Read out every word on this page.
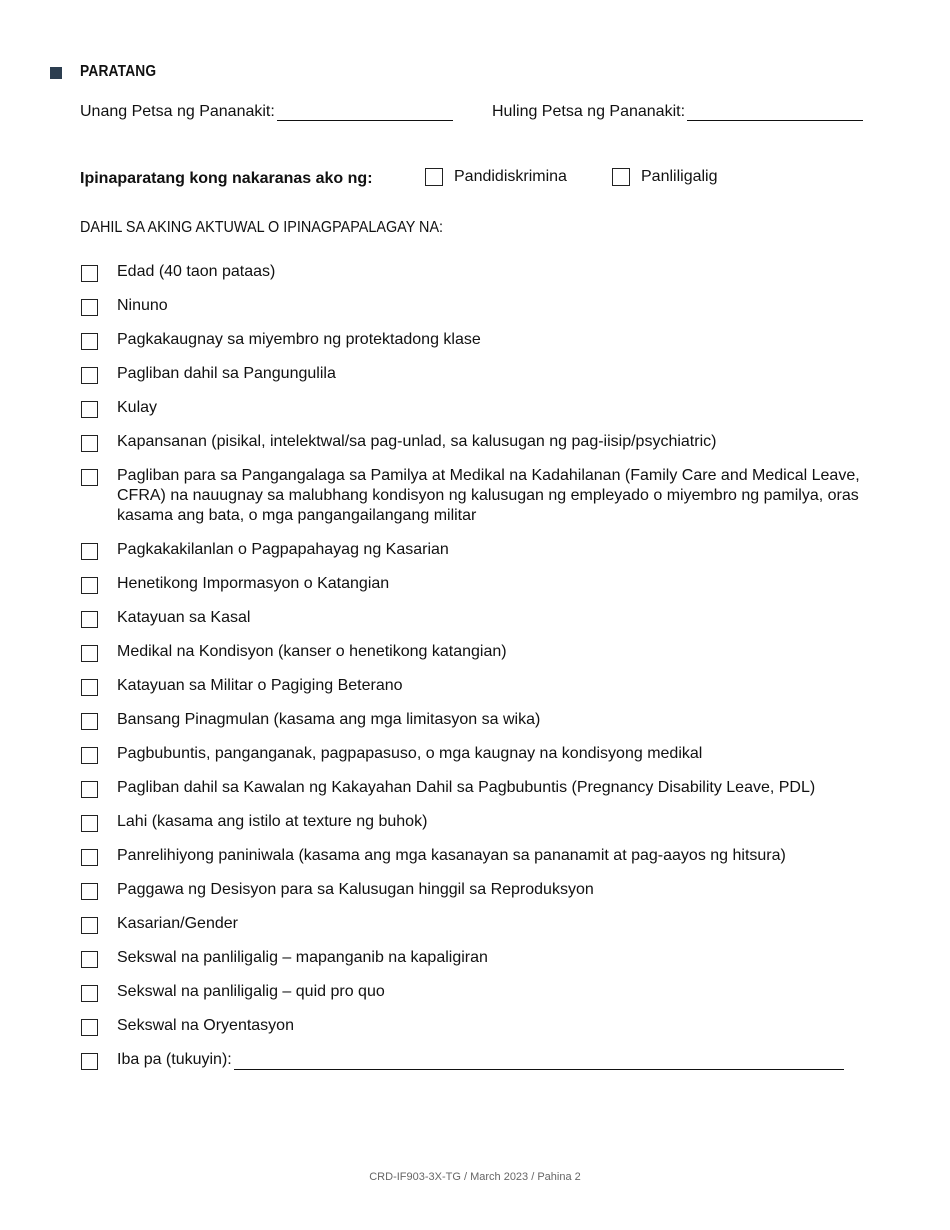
PARATANG
Unang Petsa ng Pananakit:	Huling Petsa ng Pananakit:
Ipinaparatang kong nakaranas ako ng:	Pandidiskrimina	Panliligalig
DAHIL SA AKING AKTUWAL O IPINAGPAPALAGAY NA:
Edad (40 taon pataas)
Ninuno
Pagkakaugnay sa miyembro ng protektadong klase
Pagliban dahil sa Pangungulila
Kulay
Kapansanan (pisikal, intelektwal/sa pag-unlad, sa kalusugan ng pag-iisip/psychiatric)
Pagliban para sa Pangangalaga sa Pamilya at Medikal na Kadahilanan (Family Care and Medical Leave, CFRA) na nauugnay sa malubhang kondisyon ng kalusugan ng empleyado o miyembro ng pamilya, oras kasama ang bata, o mga pangangailangang militar
Pagkakakilanlan o Pagpapahayag ng Kasarian
Henetikong Impormasyon o Katangian
Katayuan sa Kasal
Medikal na Kondisyon (kanser o henetikong katangian)
Katayuan sa Militar o Pagiging Beterano
Bansang Pinagmulan (kasama ang mga limitasyon sa wika)
Pagbubuntis, panganganak, pagpapasuso, o mga kaugnay na kondisyong medikal
Pagliban dahil sa Kawalan ng Kakayahan Dahil sa Pagbubuntis (Pregnancy Disability Leave, PDL)
Lahi (kasama ang istilo at texture ng buhok)
Panrelihiyong paniniwala (kasama ang mga kasanayan sa pananamit at pag-aayos ng hitsura)
Paggawa ng Desisyon para sa Kalusugan hinggil sa Reproduksyon
Kasarian/Gender
Sekswal na panliligalig – mapanganib na kapaligiran
Sekswal na panliligalig – quid pro quo
Sekswal na Oryentasyon
Iba pa (tukuyin):
CRD-IF903-3X-TG / March 2023 / Pahina 2
